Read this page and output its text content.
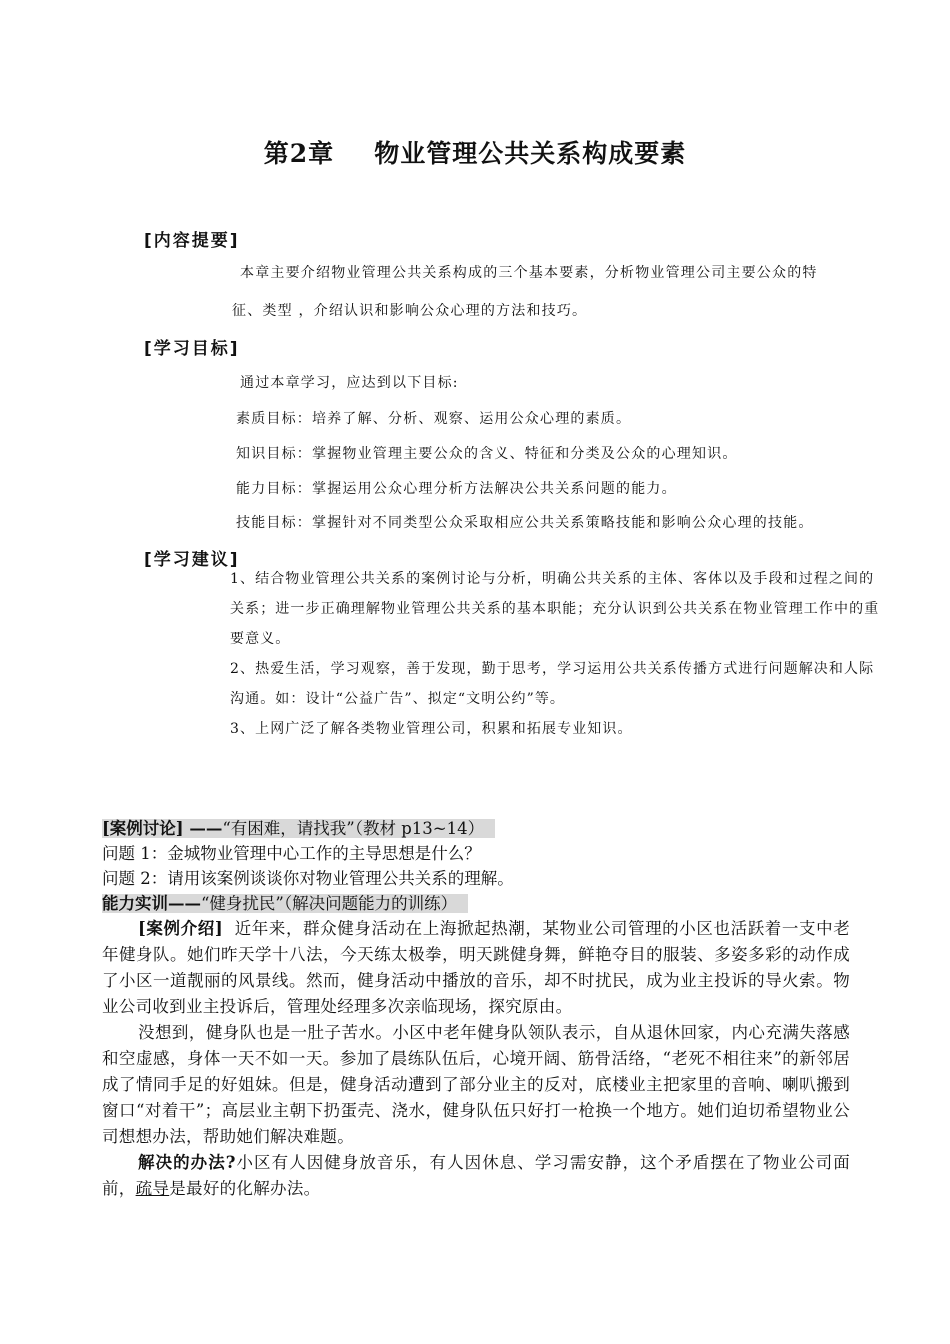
第2章 物业管理公共关系构成要素
[内容提要]
本章主要介绍物业管理公共关系构成的三个基本要素，分析物业管理公司主要公众的特
征、类型 ，介绍认识和影响公众心理的方法和技巧。
[学习目标]
通过本章学习，应达到以下目标:
素质目标：培养了解、分析、观察、运用公众心理的素质。
知识目标：掌握物业管理主要公众的含义、特征和分类及公众的心理知识。
能力目标：掌握运用公众心理分析方法解决公共关系问题的能力。
技能目标：掌握针对不同类型公众采取相应公共关系策略技能和影响公众心理的技能。
[学习建议]
1、结合物业管理公共关系的案例讨论与分析，明确公共关系的主体、客体以及手段和过程之间的关系；进一步正确理解物业管理公共关系的基本职能；充分认识到公共关系在物业管理工作中的重要意义。
2、热爱生活，学习观察，善于发现，勤于思考，学习运用公共关系传播方式进行问题解决和人际沟通。如：设计“公益广告”、拟定“文明公约”等。
3、上网广泛了解各类物业管理公司，积累和拓展专业知识。
[案例讨论] ——“有困难，请找我”（教材 p13~14）
问题 1：金城物业管理中心工作的主导思想是什么？
问题 2：请用该案例谈谈你对物业管理公共关系的理解。
能力实训——“健身扰民”（解决问题能力的训练）
[案例介绍] 近年来，群众健身活动在上海掀起热潮，某物业公司管理的小区也活跃着一支中老年健身队。她们昨天学十八法，今天练太极拳，明天跳健身舞，鲜艳夺目的服装、多姿多彩的动作成了小区一道靓丽的风景线。然而，健身活动中播放的音乐，却不时扰民，成为业主投诉的导火索。物业公司收到业主投诉后，管理处经理多次亲临现场，探究原由。
没想到，健身队也是一肚子苦水。小区中老年健身队领队表示，自从退休回家，内心充满失落感和空虚感，身体一天不如一天。参加了晨练队伍后，心境开阔、筋骨活络，“老死不相往来”的新邻居成了情同手足的好姐妹。但是，健身活动遭到了部分业主的反对，底楼业主把家里的音响、喇叭搬到窗口“对着干”；高层业主朝下扔蛋壳、浇水，健身队伍只好打一枪换一个地方。她们迫切希望物业公司想想办法，帮助她们解决难题。
解决的办法?小区有人因健身放音乐，有人因休息、学习需安静，这个矛盾摆在了物业公司面前，疏导是最好的化解办法。
